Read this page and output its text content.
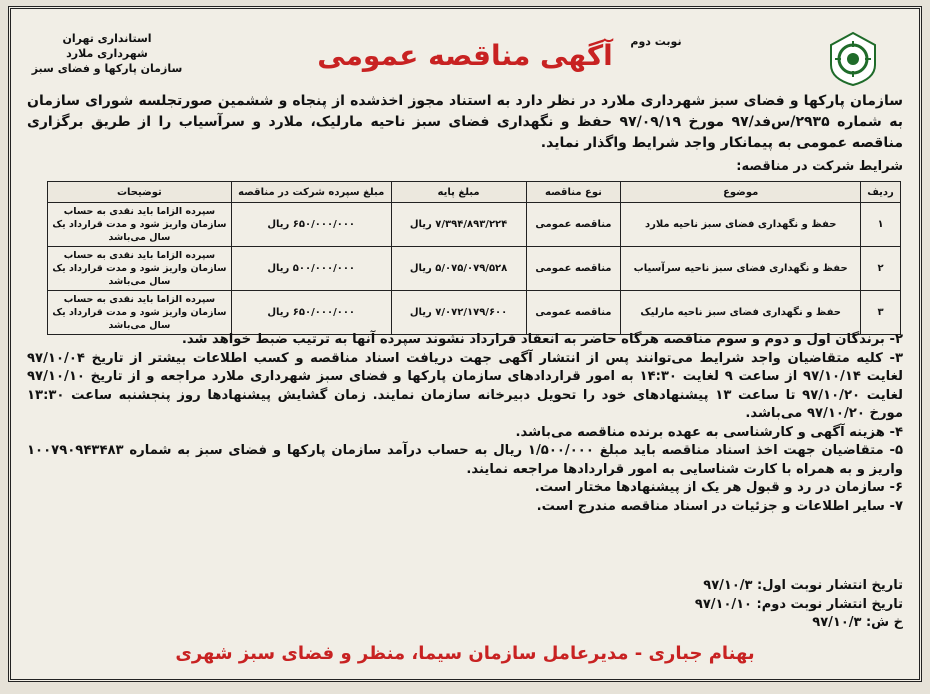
آگهی مناقصه عمومی	نوبت دوم
استانداری تهران
شهرداری ملارد
سازمان پارکها و فضای سبز
سازمان پارکها و فضای سبز شهرداری ملارد در نظر دارد به استناد مجوز اخذشده از پنجاه و ششمین صورتجلسه شورای سازمان به شماره ۲۹۳۵/س‌فد/۹۷ مورخ ۹۷/۰۹/۱۹ حفظ و نگهداری فضای سبز ناحیه مارلیک، ملارد و سرآسیاب را از طریق برگزاری مناقصه عمومی به پیمانکار واجد شرایط واگذار نماید.
شرایط شرکت در مناقصه:
ردیف	موضوع	نوع مناقصه	مبلغ پایه	مبلغ سپرده شرکت در مناقصه	توضیحات
۱	حفظ و نگهداری فضای سبز ناحیه ملارد	مناقصه عمومی	۷/۳۹۴/۸۹۳/۲۲۴ ریال	۶۵۰/۰۰۰/۰۰۰ ریال	سپرده الزاما باید نقدی به حساب سازمان واریز شود و مدت قرارداد یک سال می‌باشد
۲	حفظ و نگهداری فضای سبز ناحیه سرآسیاب	مناقصه عمومی	۵/۰۷۵/۰۷۹/۵۲۸ ریال	۵۰۰/۰۰۰/۰۰۰ ریال	سپرده الزاما باید نقدی به حساب سازمان واریز شود و مدت قرارداد یک سال می‌باشد
۳	حفظ و نگهداری فضای سبز ناحیه مارلیک	مناقصه عمومی	۷/۰۷۲/۱۷۹/۶۰۰ ریال	۶۵۰/۰۰۰/۰۰۰ ریال	سپرده الزاما باید نقدی به حساب سازمان واریز شود و مدت قرارداد یک سال می‌باشد

۲- برندگان اول و دوم و سوم مناقصه هرگاه حاضر به انعقاد قرارداد نشوند سپرده آنها به ترتیب ضبط خواهد شد.

۳- کلیه متقاضیان واجد شرایط می‌توانند پس از انتشار آگهی جهت دریافت اسناد مناقصه و کسب اطلاعات بیشتر از تاریخ ۹۷/۱۰/۰۴ لغایت ۹۷/۱۰/۱۴ از ساعت ۹ لغایت ۱۴:۳۰ به امور قراردادهای سازمان پارکها و فضای سبز شهرداری ملارد مراجعه و از تاریخ ۹۷/۱۰/۱۰ لغایت ۹۷/۱۰/۲۰ تا ساعت ۱۳ پیشنهادهای خود را تحویل دبیرخانه سازمان نمایند. زمان گشایش پیشنهادها روز پنجشنبه ساعت ۱۳:۳۰ مورخ ۹۷/۱۰/۲۰ می‌باشد.

۴- هزینه آگهی و کارشناسی به عهده برنده مناقصه می‌باشد.

۵- متقاضیان جهت اخذ اسناد مناقصه باید مبلغ ۱/۵۰۰/۰۰۰ ریال به حساب درآمد سازمان پارکها و فضای سبز به شماره ۱۰۰۷۹۰۹۴۳۴۸۳ واریز و به همراه با کارت شناسایی به امور قراردادها مراجعه نمایند.

۶- سازمان در رد و قبول هر یک از پیشنهادها مختار است.

۷- سایر اطلاعات و جزئیات در اسناد مناقصه مندرج است.

تاریخ انتشار نوبت اول: ۹۷/۱۰/۳

تاریخ انتشار نوبت دوم: ۹۷/۱۰/۱۰

خ ش: ۹۷/۱۰/۳

بهنام جباری - مدیرعامل سازمان سیما، منظر و فضای سبز شهری
